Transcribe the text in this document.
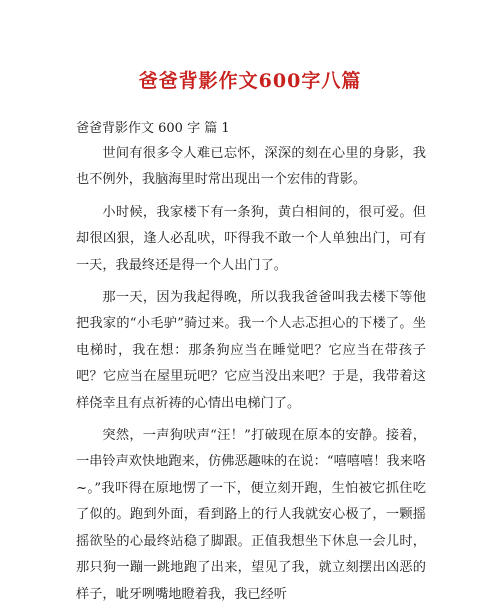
爸爸背影作文600字八篇
爸爸背影作文 600 字 篇 1

世间有很多令人难已忘怀，深深的刻在心里的身影，我也不例外，我脑海里时常出现出一个宏伟的背影。

小时候，我家楼下有一条狗，黄白相间的，很可爱。但却很凶狠，逢人必乱吠，吓得我不敢一个人单独出门，可有一天，我最终还是得一个人出门了。

那一天，因为我起得晚，所以我我爸爸叫我去楼下等他把我家的“小毛驴”骑过来。我一个人忐忑担心的下楼了。坐电梯时，我在想：那条狗应当在睡觉吧？它应当在带孩子吧？它应当在屋里玩吧？它应当没出来吧？于是，我带着这样侥幸且有点祈祷的心情出电梯门了。

突然，一声狗吠声“汪！”打破现在原本的安静。接着，一串铃声欢快地跑来，仿佛恶趣味的在说：“嘻嘻嘻！我来咯~。”我吓得在原地愣了一下，便立刻开跑，生怕被它抓住吃了似的。跑到外面，看到路上的行人我就安心极了，一颗摇摇欲坠的心最终站稳了脚跟。正值我想坐下休息一会儿时，那只狗一蹦一跳地跑了出来，望见了我，就立刻摆出凶恶的样子，呲牙咧嘴地瞪着我，我已经听
